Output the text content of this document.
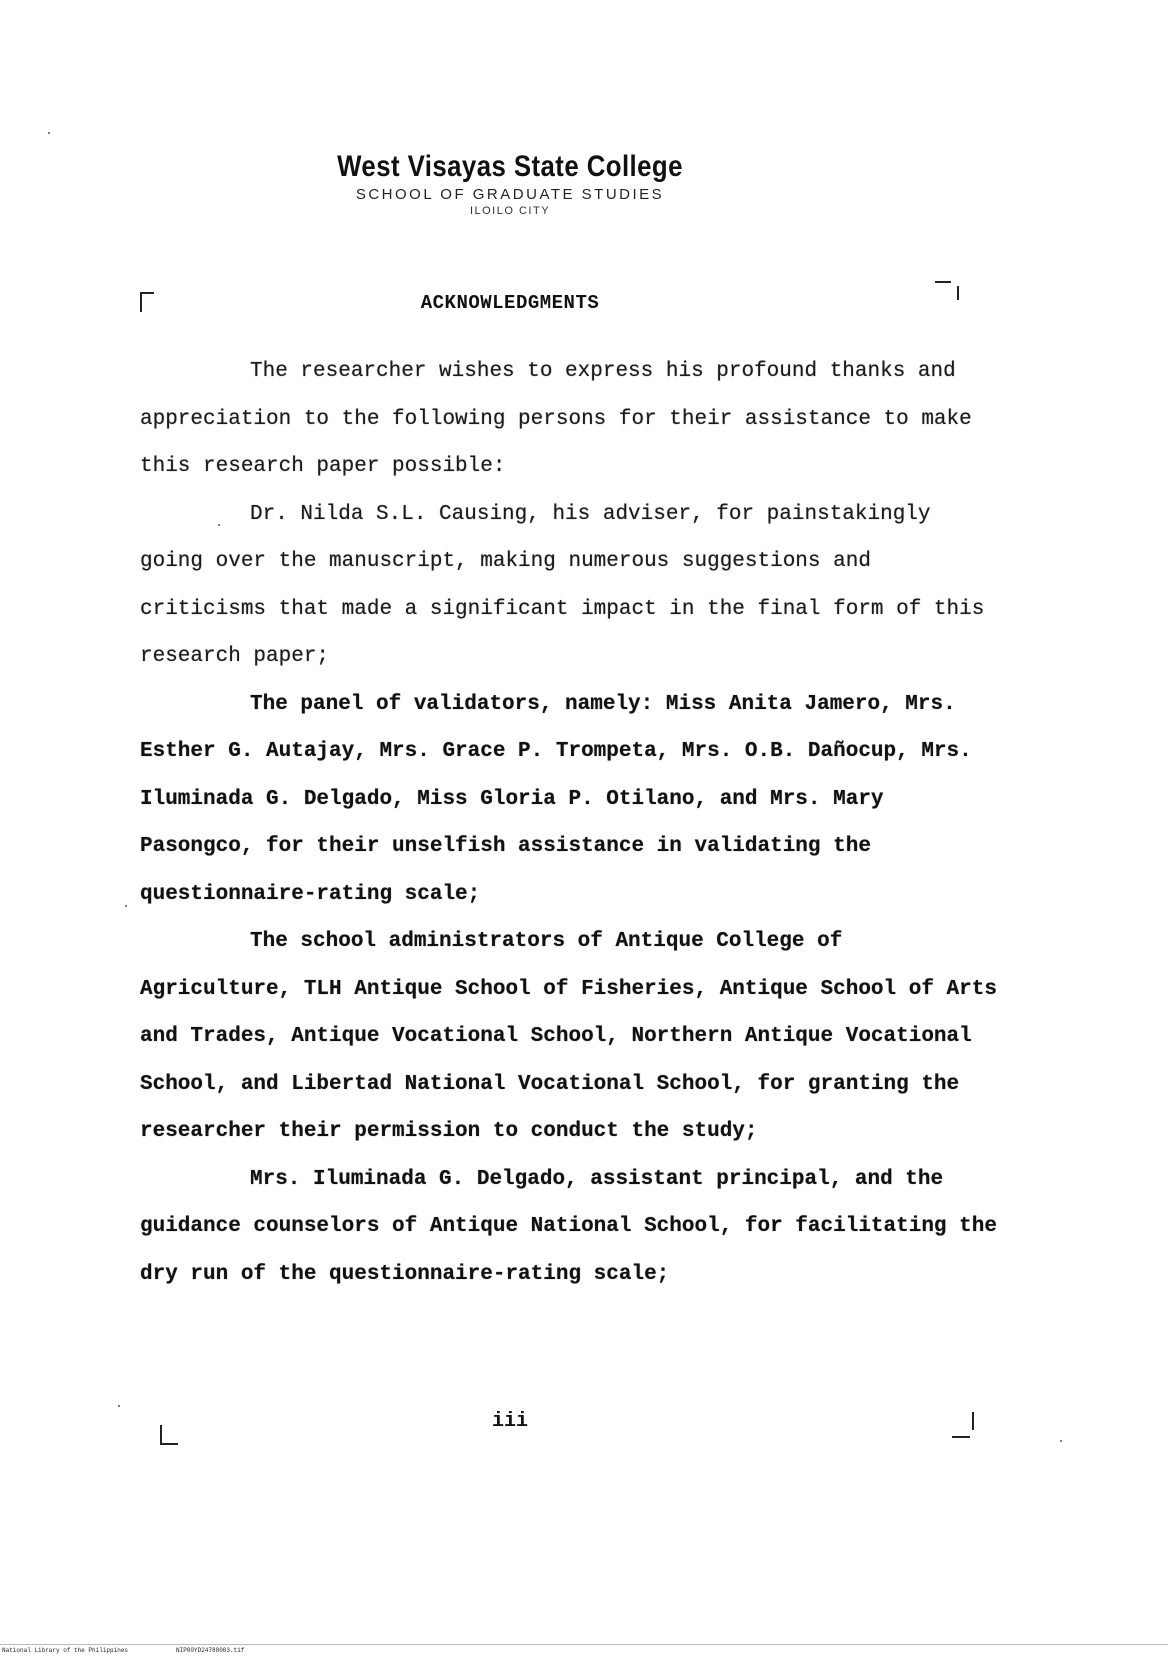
West Visayas State College
SCHOOL OF GRADUATE STUDIES
ILOILO CITY
ACKNOWLEDGMENTS

The researcher wishes to express his profound thanks and appreciation to the following persons for their assistance to make this research paper possible:

Dr. Nilda S.L. Causing, his adviser, for painstakingly going over the manuscript, making numerous suggestions and criticisms that made a significant impact in the final form of this research paper;

The panel of validators, namely: Miss Anita Jamero, Mrs. Esther G. Autajay, Mrs. Grace P. Trompeta, Mrs. O.B. Dañocup, Mrs. Iluminada G. Delgado, Miss Gloria P. Otilano, and Mrs. Mary Pasongco, for their unselfish assistance in validating the questionnaire-rating scale;

The school administrators of Antique College of Agriculture, TLH Antique School of Fisheries, Antique School of Arts and Trades, Antique Vocational School, Northern Antique Vocational School, and Libertad National Vocational School, for granting the researcher their permission to conduct the study;

Mrs. Iluminada G. Delgado, assistant principal, and the guidance counselors of Antique National School, for facilitating the dry run of the questionnaire-rating scale;

iii
National Library of the Philippines	NIP00YD24788003.tif
